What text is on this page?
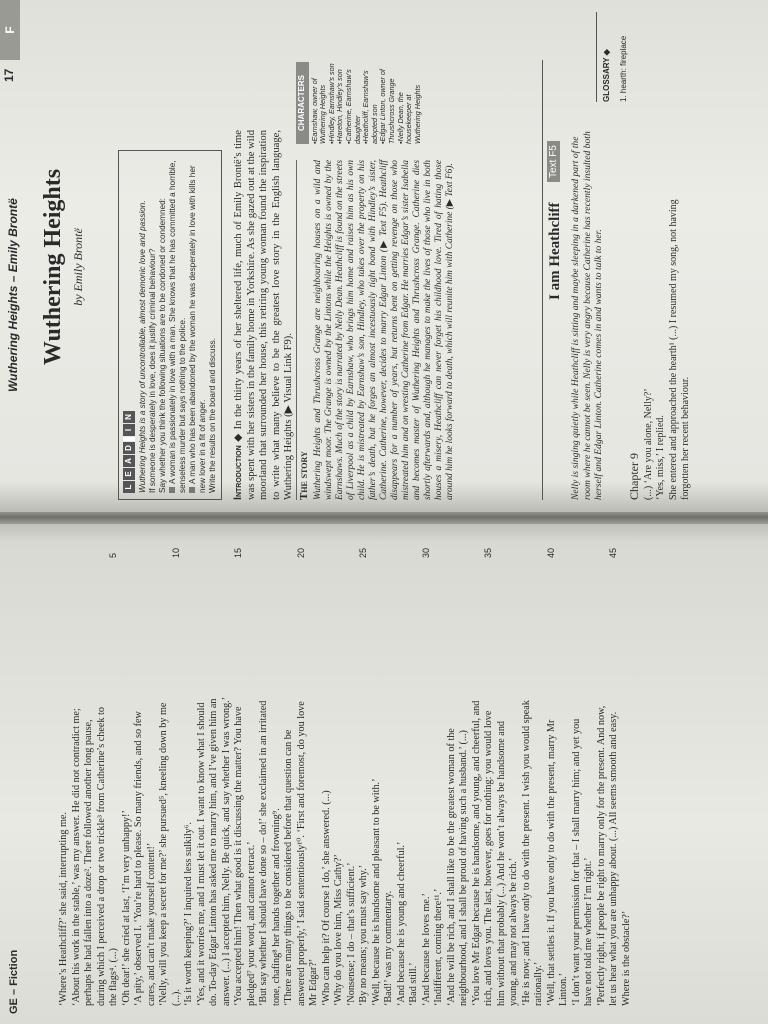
GE – Fiction	‘Where’s Heathcliff?’ she said, interrupting me. ‘About his work in the stable,’ was my answer. He did not contradict me; perhaps he had fallen into a doze². There followed another long pause, during which I perceived a drop or two trickle³ from Catherine’s cheek to the flags⁴. (...) ‘Oh dear!’ she cried at last, ‘I’m very unhappy!’ ‘A pity,’ observed I. ‘You’re hard to please. So many friends, and so few cares, and can’t make yourself content!’ ‘Nelly, will you keep a secret for me?’ she pursued⁵, kneeling down by me (...). ‘Is it worth keeping?’ I inquired less sulkily⁶. ‘Yes, and it worries me, and I must let it out. I want to know what I should do. To-day Edgar Linton has asked me to marry him, and I’ve given him an answer. (...) I accepted him, Nelly. Be quick, and say whether I was wrong.’ ‘You accepted him! Then what good is it discussing the matter? You have pledged⁷ your word, and cannot retract.’ ‘But say whether I should have done so – do!’ she exclaimed in an irritated tone, chafing⁸ her hands together and frowning⁹. ‘There are many things to be considered before that question can be answered properly,’ I said sententiously¹⁰. ‘First and foremost, do you love Mr Edgar?’ ‘Who can help it? Of course I do,’ she answered. (...) ‘Why do you love him, Miss Cathy?’ ‘Nonsense; I do – that’s sufficient.’ ‘By no means; you must say why.’ ‘Well, because he is handsome and pleasant to be with.’ ‘Bad!’ was my commentary. ‘And because he is young and cheerful.’ ‘Bad still.’ ‘And because he loves me.’ ‘Indifferent, coming there¹¹.’ ‘And he will be rich, and I shall like to be the greatest woman of the neighbourhood, and I shall be proud of having such a husband.’ (...) ‘You love Mr Edgar because he is handsome, and young, and cheerful, and rich, and loves you. The last, however, goes for nothing: you would love him without that probably (...) And he won’t always be handsome and young, and may not always be rich.’ ‘He is now; and I have only to do with the present. I wish you would speak rationally.’ ‘Well, that settles it. If you have only to do with the present, marry Mr Linton.’ ‘I don’t want your permission for that – I shall marry him; and yet you have not told me whether I’m right.’ ‘Perfectly right, if people be right to marry only for the present. And now, let us hear what you are unhappy about. (...) All seems smooth and easy. Where is the obstacle?’

5	10	15	20	25	30	35	40	45
Wuthering Heights – Emily Brontë
17
F
Wuthering Heights by Emily Brontë
L
E
A
D
I
N Wuthering Heights is a story of uncontrollable, almost demonic love and passion. If someone is desperately in love, does it justify criminal behaviour? Say whether you think the following situations are to be condoned or condemned: A woman is passionately in love with a man. She knows that he has committed a horrible, senseless murder but says nothing to the police. A man who has been abandoned by the woman he was desperately in love with kills her new lover in a fit of anger. Write the results on the board and discuss. Introduction ◆ In the thirty years of her sheltered life, much of Emily Brontë’s time was spent with her sisters in the family home in Yorkshire. As she gazed out at the wild moorland that surrounded her house, this retiring young woman found the inspiration to write what many believe to be the greatest love story in the English language, Wuthering Heights (▶ Visual Link F9). The story Wuthering Heights and Thrushcross Grange are neighbouring houses on a wild and windswept moor. The Grange is owned by the Lintons while the Heights is owned by the Earnshaws. Much of the story is narrated by Nelly Dean. Heathcliff is found on the streets of Liverpool as a child by Earnshaw, who brings him home and raises him as his own child. He is mistreated by Earnshaw’s son, Hindley, who takes over the property on his father’s death, but he forges an almost incestuously tight bond with Hindley’s sister, Catherine. Catherine, however, decides to marry Edgar Linton (▶ Text F5). Heathcliff disappears for a number of years, but returns bent on getting revenge on those who mistreated him and on wresting Catherine from Edgar. He marries Edgar’s sister Isabella and becomes master of Wuthering Heights and Thrushcross Grange. Catherine dies shortly afterwards and, although he manages to make the lives of those who live in both houses a misery, Heathcliff can never forget his childhood love. Tired of hating those around him he looks forward to death, which will reunite him with Catherine (▶ Text F6).
CHARACTERS ▪ Earnshaw, owner of Wuthering Heights ▪ Hindley, Earnshaw’s son ▪ Hareton, Hindley’s son ▪ Catherine, Earnshaw’s daughter ▪ Heathcliff, Earnshaw’s adopted son ▪ Edgar Linton, owner of Thrushcross Grange ▪ Nelly Dean, the housekeeper at Wuthering Heights
I am Heathcliff
Text F5 Nelly is singing quietly while Heathcliff is sitting and maybe sleeping in a darkened part of the room where he cannot be seen. Nelly is very angry because Catherine has recently insulted both herself and Edgar Linton. Catherine comes in and wants to talk to her. Chapter 9 (...) ‘Are you alone, Nelly?’ ‘Yes, miss,’ I replied. She entered and approached the hearth¹ (...) I resumed my song, not having forgotten her recent behaviour.
GLOSSARY ◆ 1. hearth: fireplace
